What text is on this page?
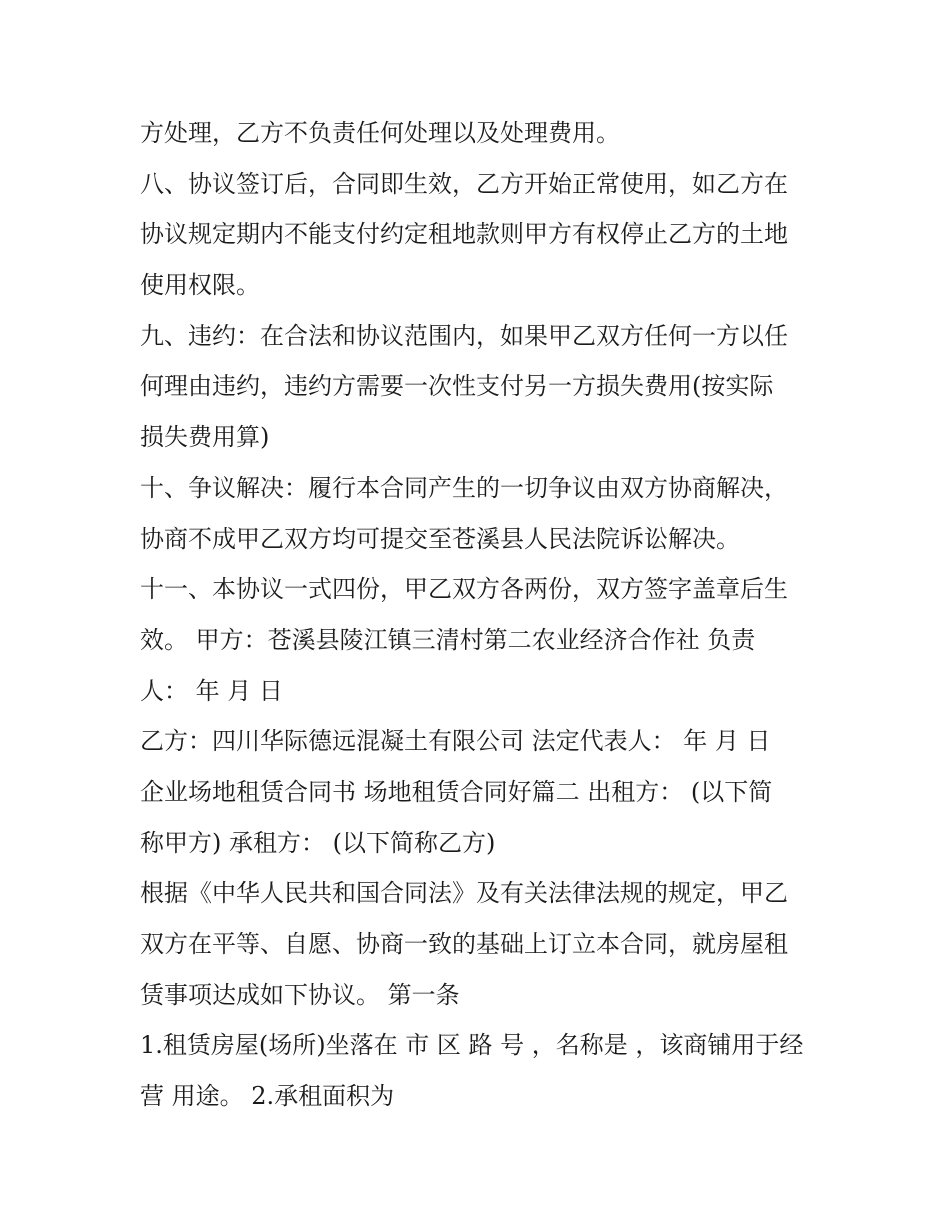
方处理，乙方不负责任何处理以及处理费用。
八、协议签订后，合同即生效，乙方开始正常使用，如乙方在
协议规定期内不能支付约定租地款则甲方有权停止乙方的土地
使用权限。
九、违约：在合法和协议范围内，如果甲乙双方任何一方以任
何理由违约，违约方需要一次性支付另一方损失费用(按实际
损失费用算)
十、争议解决：履行本合同产生的一切争议由双方协商解决，
协商不成甲乙双方均可提交至苍溪县人民法院诉讼解决。
十一、本协议一式四份，甲乙双方各两份，双方签字盖章后生
效。 甲方：苍溪县陵江镇三清村第二农业经济合作社 负责
人： 年 月 日
乙方：四川华际德远混凝土有限公司 法定代表人： 年 月 日
企业场地租赁合同书 场地租赁合同好篇二 出租方： (以下简
称甲方) 承租方： (以下简称乙方)
根据《中华人民共和国合同法》及有关法律法规的规定，甲乙
双方在平等、自愿、协商一致的基础上订立本合同，就房屋租
赁事项达成如下协议。 第一条
1.租赁房屋(场所)坐落在 市 区 路 号 ，名称是 ，该商铺用于经
营 用途。 2.承租面积为
